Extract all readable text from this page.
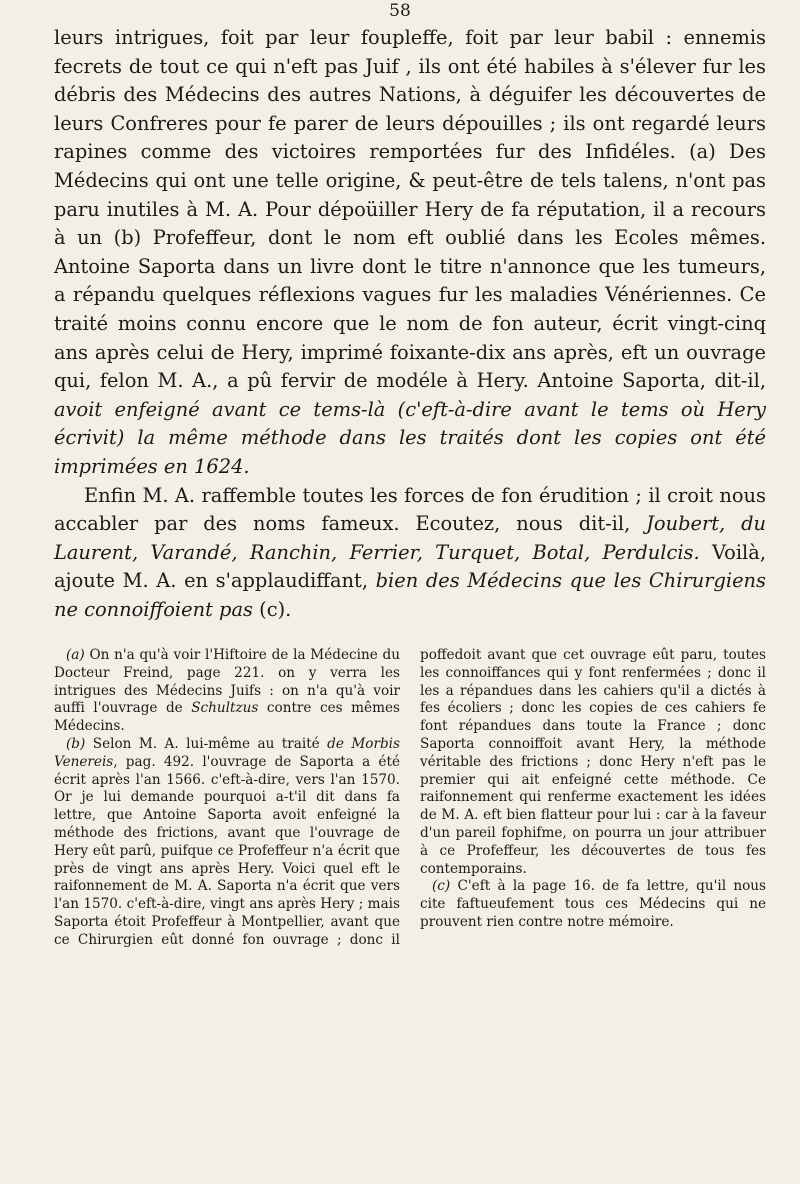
58

leurs intrigues, foit par leur foupleffe, foit par leur babil : ennemis fecrets de tout ce qui n'eft pas Juif , ils ont été habiles à s'élever fur les débris des Médecins des autres Nations, à déguifer les découvertes de leurs Confreres pour fe parer de leurs dépouilles ; ils ont regardé leurs rapines comme des victoires remportées fur des Infidéles. (a) Des Médecins qui ont une telle origine, & peut-être de tels talens, n'ont pas paru inutiles à M. A. Pour dépoüiller Hery de fa réputation, il a recours à un (b) Profeffeur, dont le nom eft oublié dans les Ecoles mêmes. Antoine Saporta dans un livre dont le titre n'annonce que les tumeurs, a répandu quelques réflexions vagues fur les maladies Vénériennes. Ce traité moins connu encore que le nom de fon auteur, écrit vingt-cinq ans après celui de Hery, imprimé foixante-dix ans après, eft un ouvrage qui, felon M. A., a pû fervir de modéle à Hery. Antoine Saporta, dit-il, avoit enfeigné avant ce tems-là (c'eft-à-dire avant le tems où Hery écrivit) la même méthode dans les traités dont les copies ont été imprimées en 1624.

Enfin M. A. raffemble toutes les forces de fon érudition ; il croit nous accabler par des noms fameux. Ecoutez, nous dit-il, Joubert, du Laurent, Varandé, Ranchin, Ferrier, Turquet, Botal, Perdulcis. Voilà, ajoute M. A. en s'applaudiffant, bien des Médecins que les Chirurgiens ne connoiffoient pas (c).

(a) On n'a qu'à voir l'Hiftoire de la Médecine du Docteur Freind, page 221. on y verra les intrigues des Médecins Juifs : on n'a qu'à voir auffi l'ouvrage de Schultzus contre ces mêmes Médecins.

(b) Selon M. A. lui-même au traité de Morbis Venereis, pag. 492. l'ouvrage de Saporta a été écrit après l'an 1566. c'eft-à-dire, vers l'an 1570. Or je lui demande pourquoi a-t'il dit dans fa lettre, que Antoine Saporta avoit enfeigné la méthode des frictions, avant que l'ouvrage de Hery eût parû, puifque ce Profeffeur n'a écrit que près de vingt ans après Hery. Voici quel eft le raifonnement de M. A. Saporta n'a écrit que vers l'an 1570. c'eft-à-dire, vingt ans après Hery ; mais Saporta étoit Profeffeur à Montpellier, avant que ce Chirurgien eût donné fon ouvrage ; donc il poffedoit avant que cet ouvrage eût paru, toutes les connoiffances qui y font renfermées ; donc il les a répandues dans les cahiers qu'il a dictés à fes écoliers ; donc les copies de ces cahiers fe font répandues dans toute la France ; donc Saporta connoiffoit avant Hery, la méthode véritable des frictions ; donc Hery n'eft pas le premier qui ait enfeigné cette méthode. Ce raifonnement qui renferme exactement les idées de M. A. eft bien flatteur pour lui : car à la faveur d'un pareil fophifme, on pourra un jour attribuer à ce Profeffeur, les découvertes de tous fes contemporains.

(c) C'eft à la page 16. de fa lettre, qu'il nous cite faftueufement tous ces Médecins qui ne prouvent rien contre notre mémoire.
